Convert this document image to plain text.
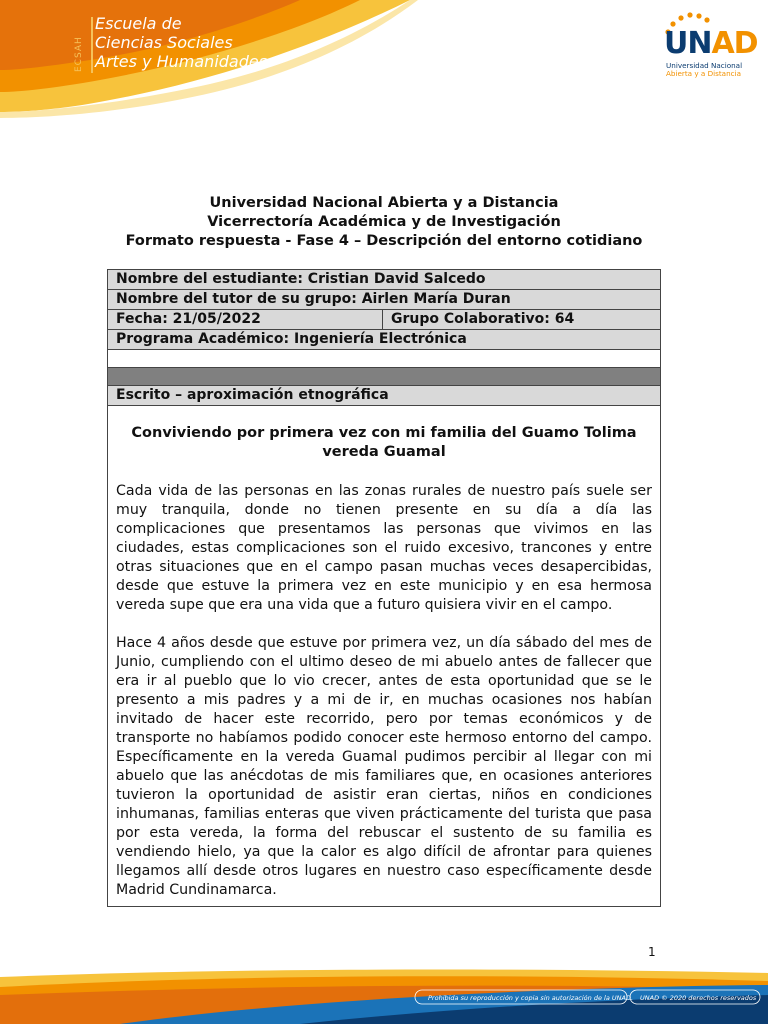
ECSAH
Escuela de
Ciencias Sociales
Artes y Humanidades
UNAD
Universidad Nacional
Abierta y a Distancia
Universidad Nacional Abierta y a Distancia
Vicerrectoría Académica y de Investigación
Formato respuesta - Fase 4 – Descripción del entorno cotidiano
Nombre del estudiante: Cristian David Salcedo
Nombre del tutor de su grupo: Airlen María Duran
Fecha: 21/05/2022	Grupo Colaborativo: 64
Programa Académico: Ingeniería Electrónica
Escrito – aproximación etnográfica
Conviviendo por primera vez con mi familia del Guamo Tolima vereda Guamal

Cada vida de las personas en las zonas rurales de nuestro país suele ser muy tranquila, donde no tienen presente en su día a día las complicaciones que presentamos las personas que vivimos en las ciudades, estas complicaciones son el ruido excesivo, trancones y entre otras situaciones que en el campo pasan muchas veces desapercibidas, desde que estuve la primera vez en este municipio y en esa hermosa vereda supe que era una vida que a futuro quisiera vivir en el campo.

Hace 4 años desde que estuve por primera vez, un día sábado del mes de Junio, cumpliendo con el ultimo deseo de mi abuelo antes de fallecer que era ir al pueblo que lo vio crecer, antes de esta oportunidad que se le presento a mis padres y a mi de ir, en muchas ocasiones nos habían invitado de hacer este recorrido, pero por temas económicos y de transporte no habíamos podido conocer este hermoso entorno del campo. Específicamente en la vereda Guamal pudimos percibir al llegar con mi abuelo que las anécdotas de mis familiares que, en ocasiones anteriores tuvieron la oportunidad de asistir eran ciertas, niños en condiciones inhumanas, familias enteras que viven prácticamente del turista que pasa por esta vereda, la forma del rebuscar el sustento de su familia es vendiendo hielo, ya que la calor es algo difícil de afrontar para quienes llegamos allí desde otros lugares en nuestro caso específicamente desde Madrid Cundinamarca.

1
Prohibida su reproducción y copia sin autorización de la UNAD. UNAD © 2020 derechos reservados
